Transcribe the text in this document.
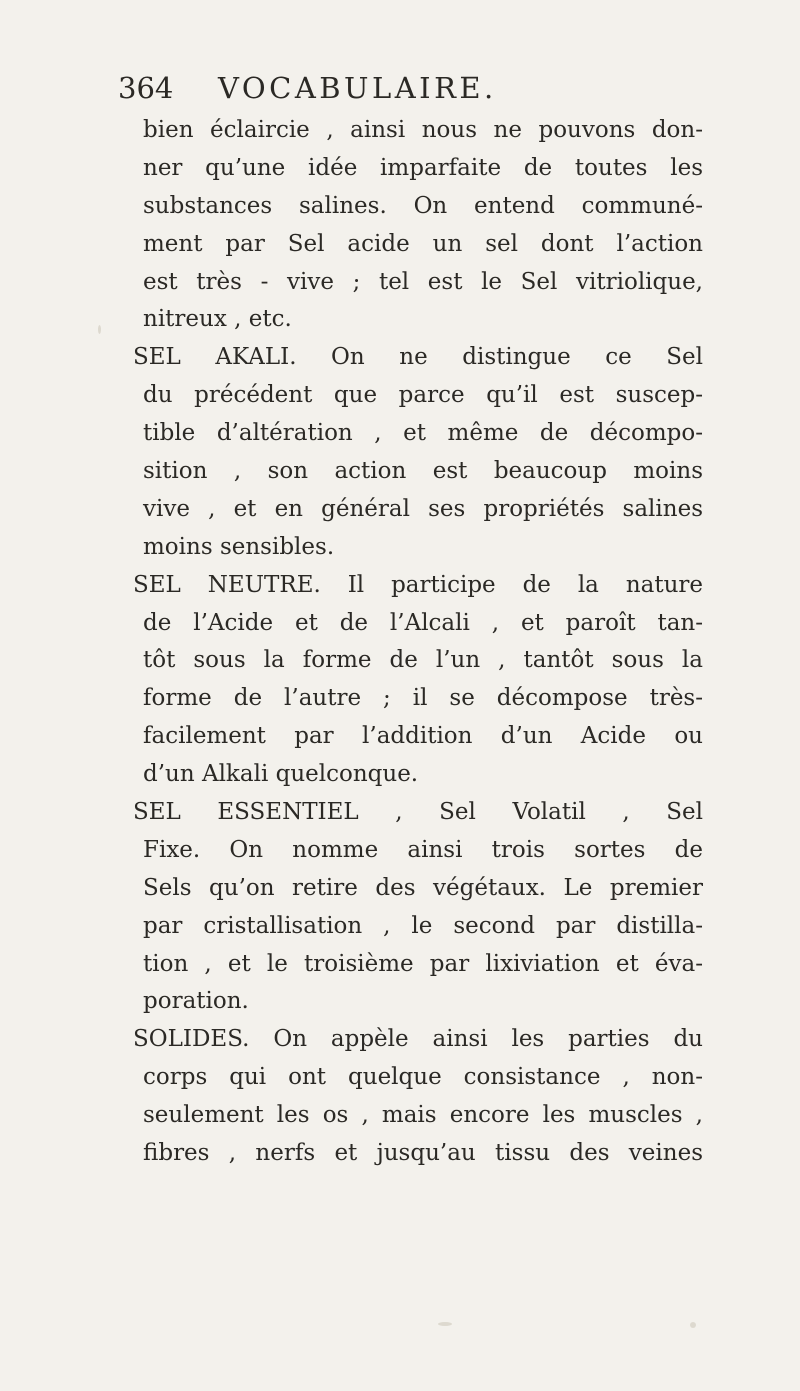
364 VOCABULAIRE.
bien éclaircie , ainsi nous ne pouvons don-
ner qu’une idée imparfaite de toutes les
substances salines. On entend communé-
ment par Sel acide un sel dont l’action
est très - vive ; tel est le Sel vitriolique,
nitreux , etc.
SEL AKALI. On ne distingue ce Sel
du précédent que parce qu’il est suscep-
tible d’altération , et même de décompo-
sition , son action est beaucoup moins
vive , et en général ses propriétés salines
moins sensibles.
SEL NEUTRE. Il participe de la nature
de l’Acide et de l’Alcali , et paroît tan-
tôt sous la forme de l’un , tantôt sous la
forme de l’autre ; il se décompose très-
facilement par l’addition d’un Acide ou
d’un Alkali quelconque.
SEL ESSENTIEL , Sel Volatil , Sel
Fixe. On nomme ainsi trois sortes de
Sels qu’on retire des végétaux. Le premier
par cristallisation , le second par distilla-
tion , et le troisième par lixiviation et éva-
poration.
SOLIDES. On appèle ainsi les parties du
corps qui ont quelque consistance , non-
seulement les os , mais encore les muscles ,
fibres , nerfs et jusqu’au tissu des veines
